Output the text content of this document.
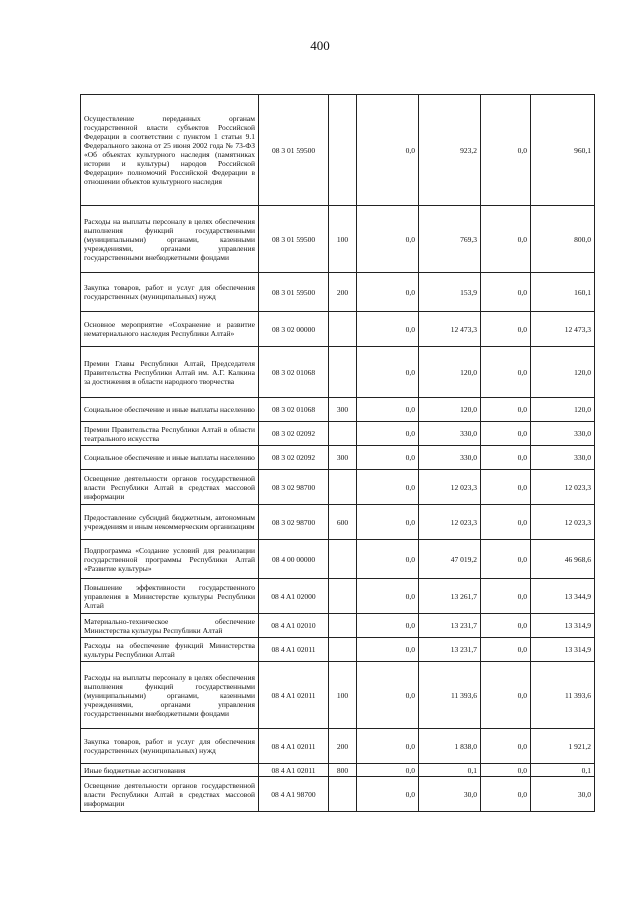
400
Осуществление переданных органам государственной власти субъектов Российской Федерации в соответствии с пунктом 1 статьи 9.1 Федерального закона от 25 июня 2002 года № 73-ФЗ «Об объектах культурного наследия (памятниках истории и культуры) народов Российской Федерации» полномочий Российской Федерации в отношении объектов культурного наследия	08 3 01 59500		0,0	923,2	0,0	960,1
Расходы на выплаты персоналу в целях обеспечения выполнения функций государственными (муниципальными) органами, казенными учреждениями, органами управления государственными внебюджетными фондами	08 3 01 59500	100	0,0	769,3	0,0	800,0
Закупка товаров, работ и услуг для обеспечения государственных (муниципальных) нужд	08 3 01 59500	200	0,0	153,9	0,0	160,1
Основное мероприятие «Сохранение и развитие нематериального наследия Республики Алтай»	08 3 02 00000		0,0	12 473,3	0,0	12 473,3
Премии Главы Республики Алтай, Председателя Правительства Республики Алтай им. А.Г. Калкина за достижения в области народного творчества	08 3 02 01068		0,0	120,0	0,0	120,0
Социальное обеспечение и иные выплаты населению	08 3 02 01068	300	0,0	120,0	0,0	120,0
Премии Правительства Республики Алтай в области театрального искусства	08 3 02 02092		0,0	330,0	0,0	330,0
Социальное обеспечение и иные выплаты населению	08 3 02 02092	300	0,0	330,0	0,0	330,0
Освещение деятельности органов государственной власти Республики Алтай в средствах массовой информации	08 3 02 98700		0,0	12 023,3	0,0	12 023,3
Предоставление субсидий бюджетным, автономным учреждениям и иным некоммерческим организациям	08 3 02 98700	600	0,0	12 023,3	0,0	12 023,3
Подпрограмма «Создание условий для реализации государственной программы Республики Алтай «Развитие культуры»	08 4 00 00000		0,0	47 019,2	0,0	46 968,6
Повышение эффективности государственного управления в Министерстве культуры Республики Алтай	08 4 A1 02000		0,0	13 261,7	0,0	13 344,9
Материально-техническое обеспечение Министерства культуры Республики Алтай	08 4 A1 02010		0,0	13 231,7	0,0	13 314,9
Расходы на обеспечение функций Министерства культуры Республики Алтай	08 4 A1 02011		0,0	13 231,7	0,0	13 314,9
Расходы на выплаты персоналу в целях обеспечения выполнения функций государственными (муниципальными) органами, казенными учреждениями, органами управления государственными внебюджетными фондами	08 4 A1 02011	100	0,0	11 393,6	0,0	11 393,6
Закупка товаров, работ и услуг для обеспечения государственных (муниципальных) нужд	08 4 A1 02011	200	0,0	1 838,0	0,0	1 921,2
Иные бюджетные ассигнования	08 4 A1 02011	800	0,0	0,1	0,0	0,1
Освещение деятельности органов государственной власти Республики Алтай в средствах массовой информации	08 4 A1 98700		0,0	30,0	0,0	30,0
